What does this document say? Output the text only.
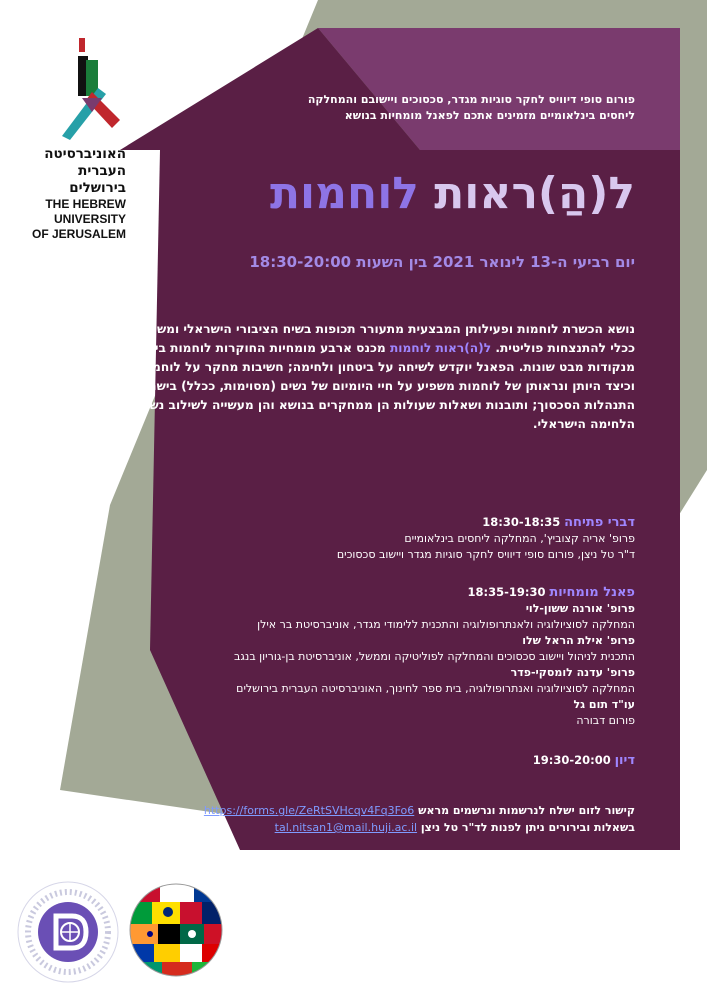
האוניברסיטה
העברית
בירושלים
THE HEBREW
UNIVERSITY
OF JERUSALEM
פורום סופי דיוויס לחקר סוגיות מגדר, סכסוכים ויישובם והמחלקה
ליחסים בינלאומיים מזמינים אתכם לפאנל מומחיות בנושא
ל(הַ)ראות לוחמות
יום רביעי ה-13 לינואר 2021 בין השעות 18:30-20:00
נושא הכשרת לוחמות ופעילותן המבצעית מתעורר תכופות בשיח הציבורי הישראלי ומשמש בעיקר ככלי להתנצחות פוליטית. ל(ה)ראות לוחמות מכנס ארבע מומחיות החוקרות לוחמות בישראל מנקודות מבט שונות. הפאנל יוקדש לשיחה על ביטחון ולחימה; חשיבות מחקר על לוחמות; האם וכיצד היותן ונראותן של לוחמות משפיע על חיי היומיום של נשים (מסוימות, ככלל) בישראל ועל התנהלות הסכסוך; ותובנות ושאלות שעולות הן ממחקרים בנושא והן מעשייה לשילוב נשים במערך הלחימה הישראלי.
דברי פתיחה 18:30-18:35
פרופ' אריה קצוביץ', המחלקה ליחסים בינלאומיים
ד"ר טל ניצן, פורום סופי דיוויס לחקר סוגיות מגדר ויישוב סכסוכים
פאנל מומחיות 18:35-19:30
פרופ' אורנה ששון-לוי
המחלקה לסוציולוגיה ולאנתרופולוגיה והתכנית ללימודי מגדר, אוניברסיטת בר אילן
פרופ' אילת הראל שלו
התכנית לניהול ויישוב סכסוכים והמחלקה לפוליטיקה וממשל, אוניברסיטת בן-גוריון בנגב
פרופ' עדנה לומסקי-פדר
המחלקה לסוציולוגיה ואנתרופולוגיה, בית ספר לחינוך, האוניברסיטה העברית בירושלים
עו"ד תום גל
פורום דבורה
דיון 19:30-20:00
קישור לזום ישלח לנרשמות ונרשמים מראש https://forms.gle/ZeRtSVHcqv4Fq3Fo6
בשאלות ובירורים ניתן לפנות לד"ר טל ניצן tal.nitsan1@mail.huji.ac.il
